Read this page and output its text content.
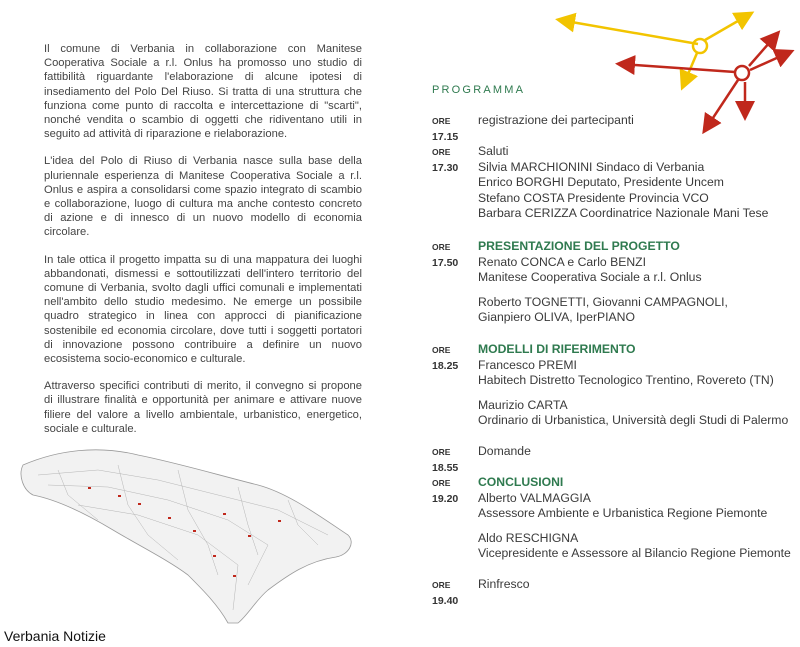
Il comune di Verbania in collaborazione con Manitese Cooperativa Sociale a r.l. Onlus ha promosso uno studio di fattibilità riguardante l'elaborazione di alcune ipotesi di insediamento del Polo Del Riuso. Si tratta di una struttura che funziona come punto di raccolta e intercettazione di "scarti", nonché vendita o scambio di oggetti che ridiventano utili in seguito ad attività di riparazione e rielaborazione.

L'idea del Polo di Riuso di Verbania nasce sulla base della pluriennale esperienza di Manitese Cooperativa Sociale a r.l. Onlus e aspira a consolidarsi come spazio integrato di scambio e collaborazione, luogo di cultura ma anche contesto concreto di azione e di innesco di un nuovo modello di economia circolare.

In tale ottica il progetto impatta su di una mappatura dei luoghi abbandonati, dismessi e sottoutilizzati dell'intero territorio del comune di Verbania, svolto dagli uffici comunali e implementati nell'ambito dello studio medesimo. Ne emerge un possibile quadro strategico in linea con approcci di pianificazione sostenibile ed economia circolare, dove tutti i soggetti portatori di innovazione possono contribuire a definire un nuovo ecosistema socio-economico e culturale.

Attraverso specifici contributi di merito, il convegno si propone di illustrare finalità e opportunità per animare e attivare nuove filiere del valore a livello ambientale, urbanistico, energetico, sociale e culturale.

PROGRAMMA
ORE 17.15
registrazione dei partecipanti
ORE 17.30
Saluti
Silvia MARCHIONINI Sindaco di Verbania
Enrico BORGHI Deputato, Presidente Uncem
Stefano COSTA Presidente Provincia VCO
Barbara CERIZZA Coordinatrice Nazionale Mani Tese
ORE 17.50
PRESENTAZIONE DEL PROGETTO
Renato CONCA e Carlo BENZI
Manitese Cooperativa Sociale a r.l. Onlus
Roberto TOGNETTI, Giovanni CAMPAGNOLI,
Gianpiero OLIVA, IperPIANO
ORE 18.25
MODELLI DI RIFERIMENTO
Francesco PREMI
Habitech Distretto Tecnologico Trentino, Rovereto (TN)
Maurizio CARTA
Ordinario di Urbanistica, Università degli Studi di Palermo
ORE 18.55
Domande
ORE 19.20
CONCLUSIONI
Alberto VALMAGGIA
Assessore Ambiente e Urbanistica Regione Piemonte
Aldo RESCHIGNA
Vicepresidente e Assessore al Bilancio Regione Piemonte
ORE 19.40
Rinfresco
Verbania Notizie
